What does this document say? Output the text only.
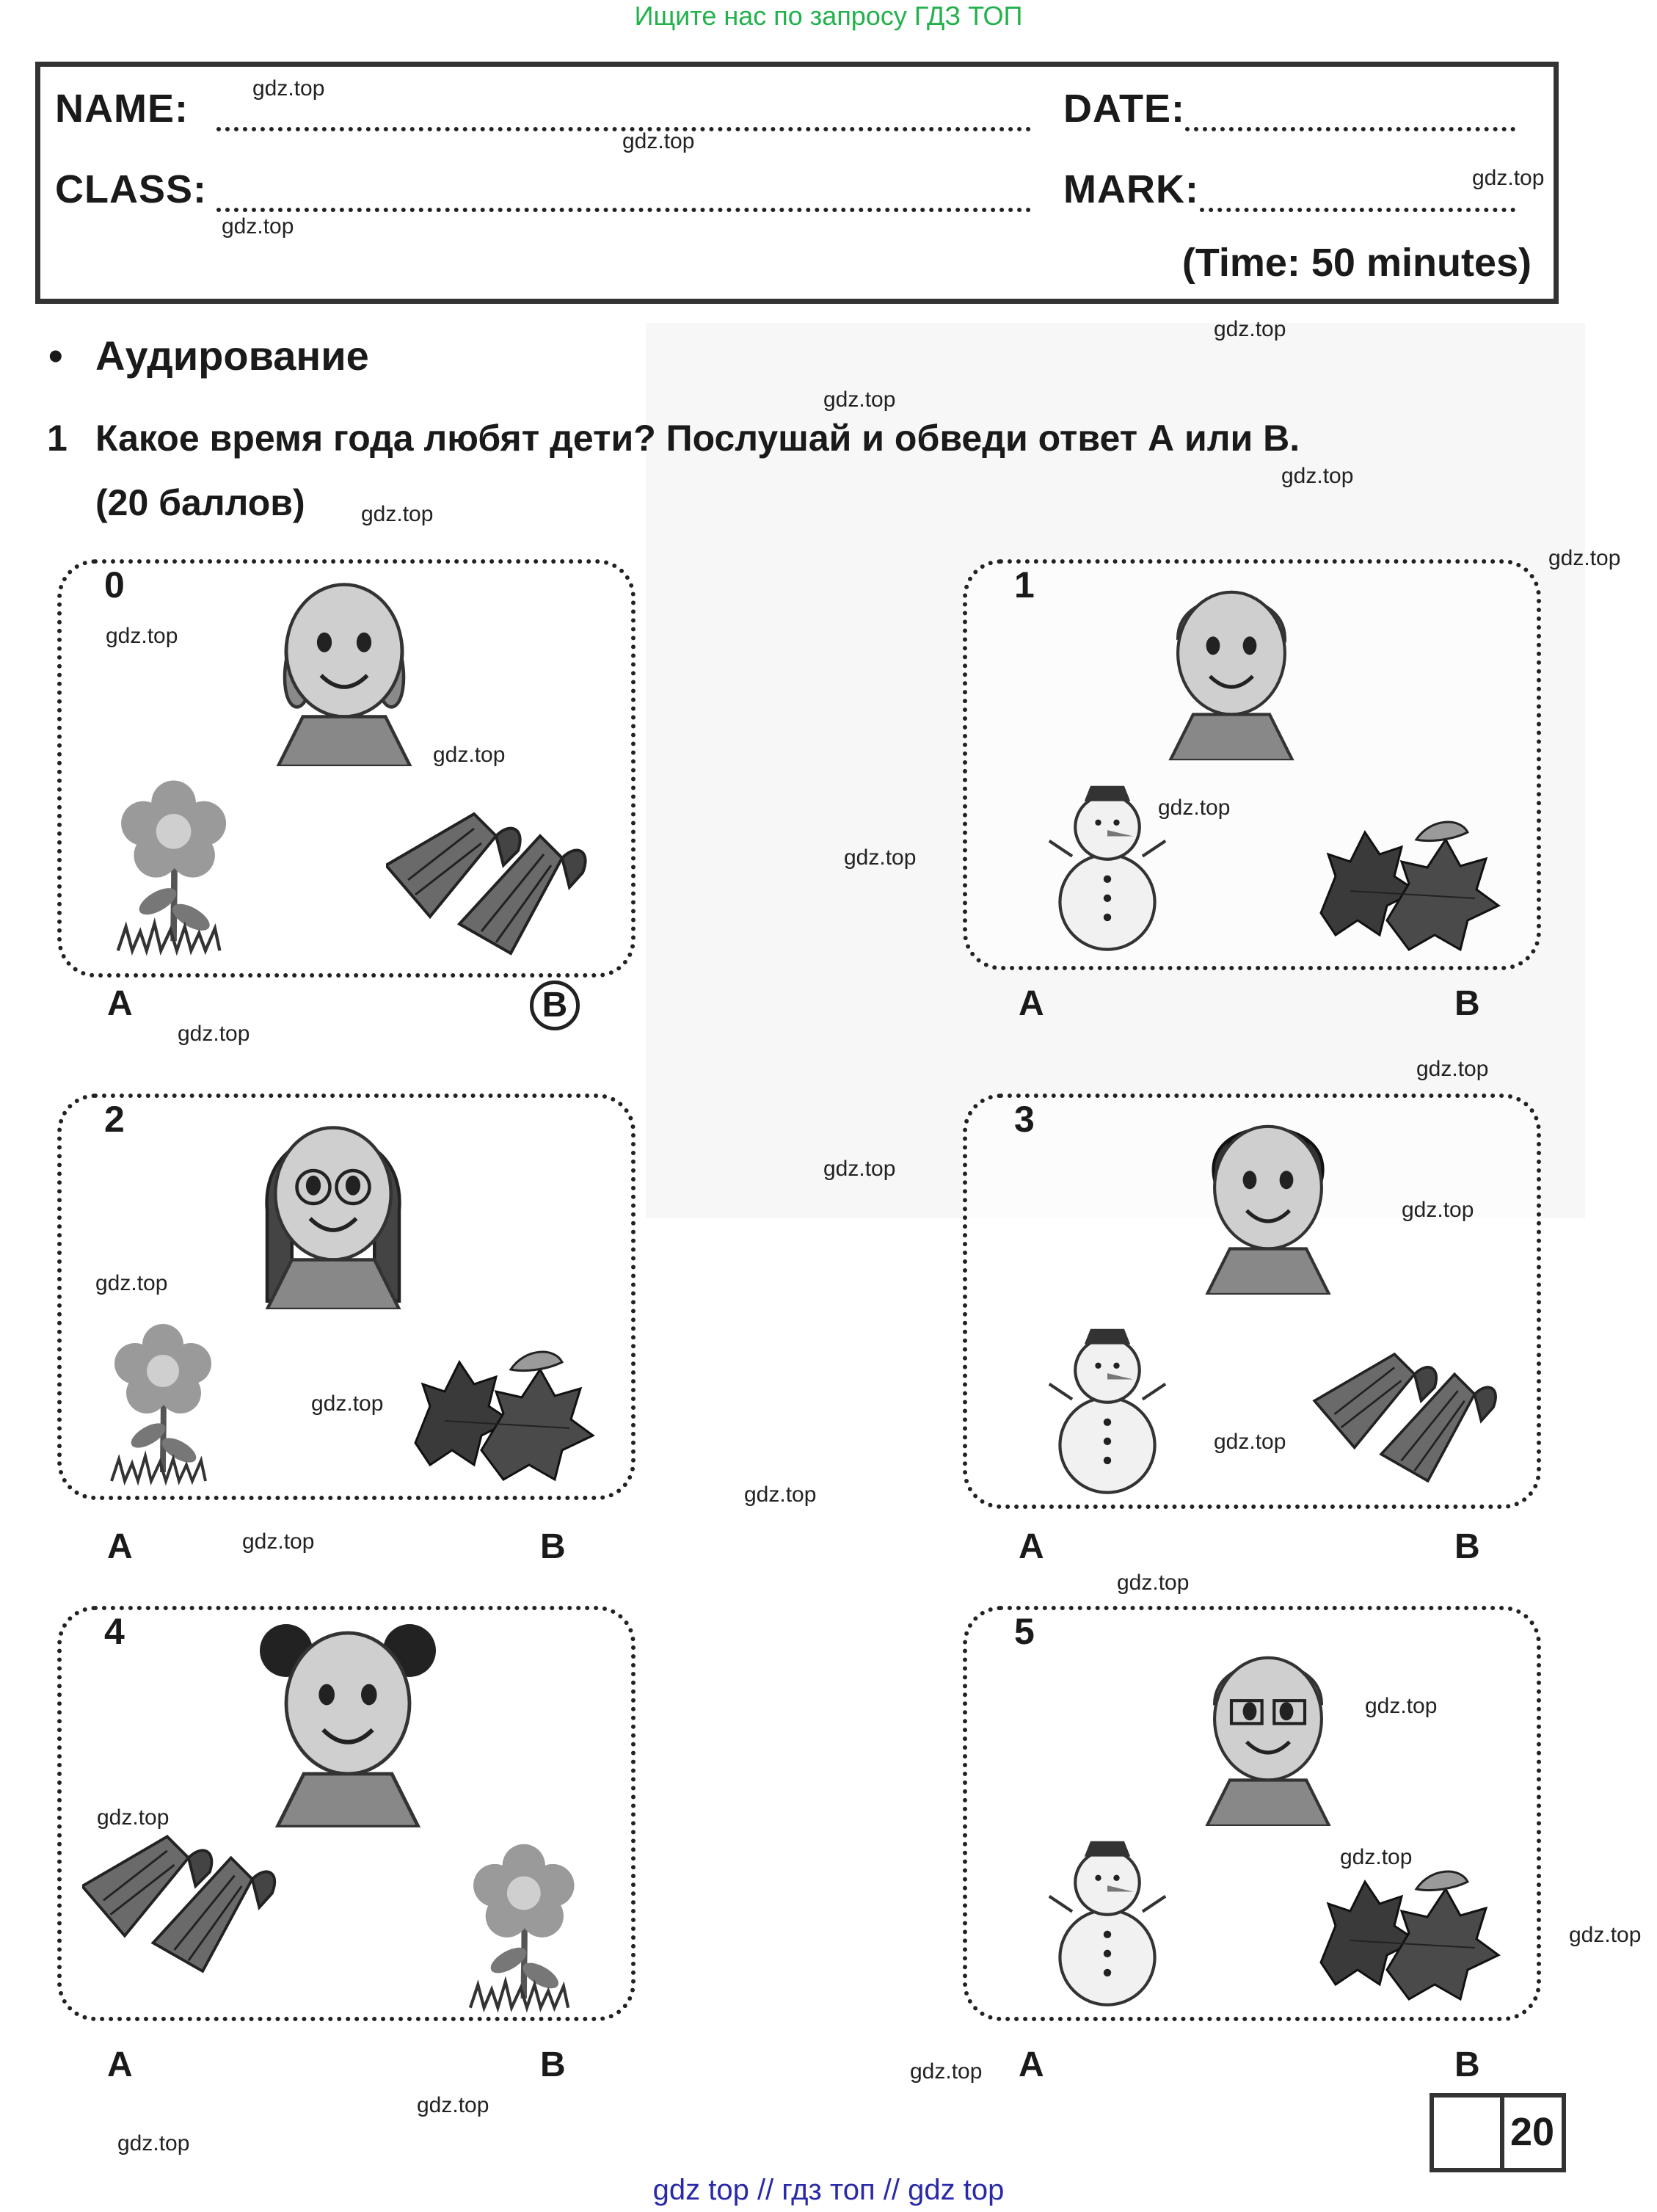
Ищите нас по запросу ГДЗ ТОП
NAME:	DATE:
CLASS:	MARK:
(Time: 50 minutes)
• Аудирование
1 Какое время года любят дети? Послушай и обведи ответ А или В.
(20 баллов)
0
A	B
1
A	B
2
A	B
3
A	B
4
A	B
5
A	B
20
gdz.top
gdz.top
gdz.top
gdz.top
gdz.top
gdz.top
gdz.top
gdz.top
gdz.top
gdz.top
gdz.top
gdz.top
gdz.top
gdz.top
gdz.top
gdz.top
gdz.top
gdz.top
gdz.top
gdz.top
gdz.top
gdz.top
gdz.top
gdz.top
gdz.top
gdz.top
gdz.top
gdz.top
gdz.top
gdz.top
gdz top // гдз топ // gdz top
